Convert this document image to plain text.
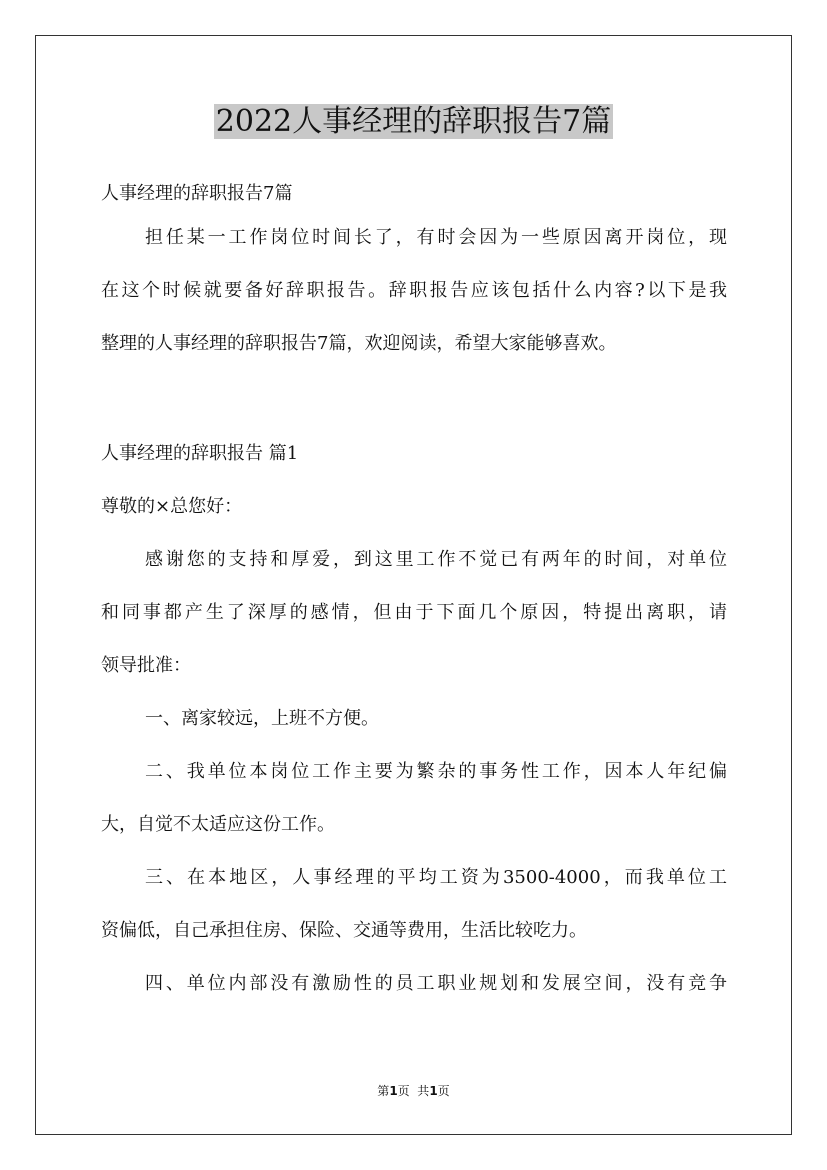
2022人事经理的辞职报告7篇

人事经理的辞职报告7篇

担任某一工作岗位时间长了，有时会因为一些原因离开岗位，现

在这个时候就要备好辞职报告。辞职报告应该包括什么内容?以下是我

整理的人事经理的辞职报告7篇，欢迎阅读，希望大家能够喜欢。

人事经理的辞职报告 篇1

尊敬的×总您好：

感谢您的支持和厚爱，到这里工作不觉已有两年的时间，对单位

和同事都产生了深厚的感情，但由于下面几个原因，特提出离职，请

领导批准：

一、离家较远，上班不方便。

二、我单位本岗位工作主要为繁杂的事务性工作，因本人年纪偏

大，自觉不太适应这份工作。

三、在本地区，人事经理的平均工资为3500-4000，而我单位工

资偏低，自己承担住房、保险、交通等费用，生活比较吃力。

四、单位内部没有激励性的员工职业规划和发展空间，没有竞争

第1页  共1页
